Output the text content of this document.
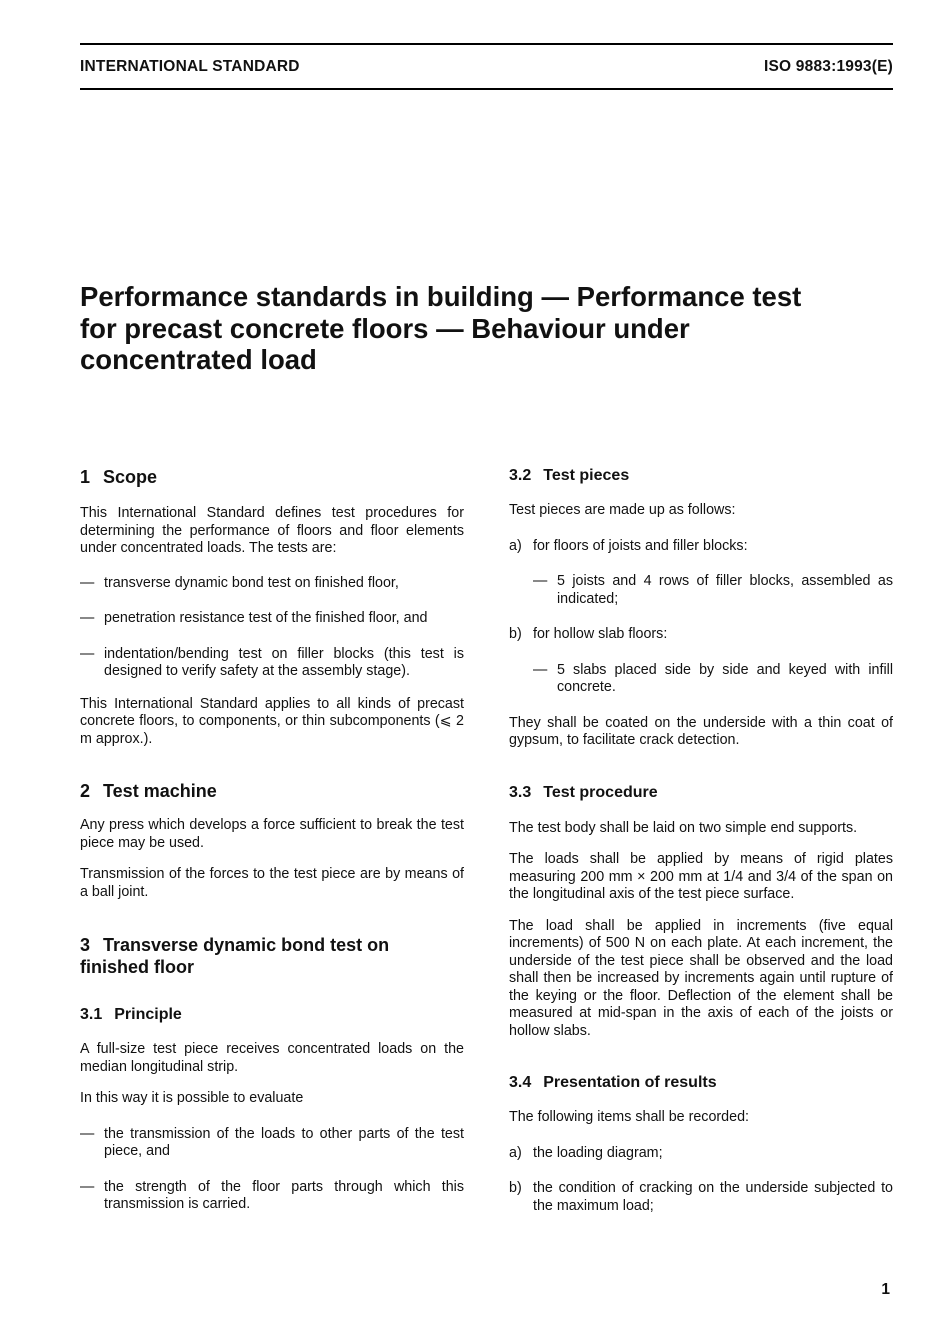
INTERNATIONAL STANDARD	ISO 9883:1993(E)
Performance standards in building — Performance test
for precast concrete floors — Behaviour under
concentrated load
1 Scope

This International Standard defines test procedures for determining the performance of floors and floor elements under concentrated loads. The tests are:

— transverse dynamic bond test on finished floor,
— penetration resistance test of the finished floor, and
— indentation/bending test on filler blocks (this test is designed to verify safety at the assembly stage).

This International Standard applies to all kinds of precast concrete floors, to components, or thin subcomponents (⩽ 2 m approx.).

2 Test machine

Any press which develops a force sufficient to break the test piece may be used.

Transmission of the forces to the test piece are by means of a ball joint.

3 Transverse dynamic bond test on
finished floor
3.1 Principle

A full-size test piece receives concentrated loads on the median longitudinal strip.

In this way it is possible to evaluate

— the transmission of the loads to other parts of the test piece, and
— the strength of the floor parts through which this transmission is carried.
3.2 Test pieces

Test pieces are made up as follows:

a) for floors of joists and filler blocks:
— 5 joists and 4 rows of filler blocks, assembled as indicated;
b) for hollow slab floors:
— 5 slabs placed side by side and keyed with infill concrete.

They shall be coated on the underside with a thin coat of gypsum, to facilitate crack detection.

3.3 Test procedure

The test body shall be laid on two simple end supports.

The loads shall be applied by means of rigid plates measuring 200 mm × 200 mm at 1/4 and 3/4 of the span on the longitudinal axis of the test piece surface.

The load shall be applied in increments (five equal increments) of 500 N on each plate. At each increment, the underside of the test piece shall be observed and the load shall then be increased by increments again until rupture of the keying or the floor. Deflection of the element shall be measured at mid-span in the axis of each of the joists or hollow slabs.

3.4 Presentation of results

The following items shall be recorded:

a) the loading diagram;
b) the condition of cracking on the underside subjected to the maximum load;
1
